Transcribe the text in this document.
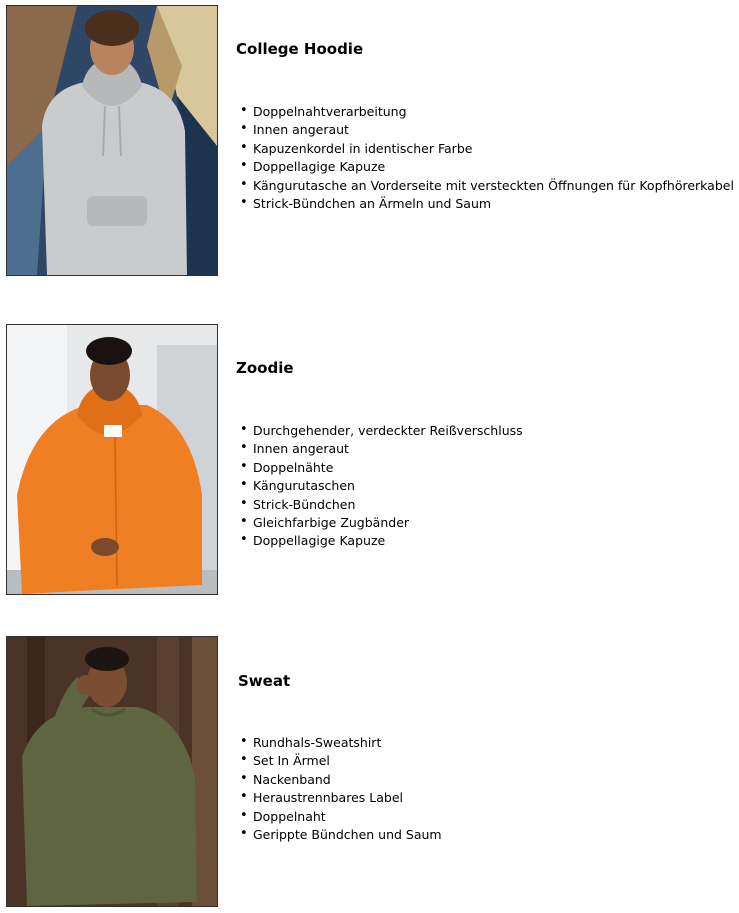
College Hoodie
• Doppelnahtverarbeitung
• Innen angeraut
• Kapuzenkordel in identischer Farbe
• Doppellagige Kapuze
• Kängurutasche an Vorderseite mit versteckten Öffnungen für Kopfhörerkabel
• Strick-Bündchen an Ärmeln und Saum
Zoodie
• Durchgehender, verdeckter Reißverschluss
• Innen angeraut
• Doppelnähte
• Kängurutaschen
• Strick-Bündchen
• Gleichfarbige Zugbänder
• Doppellagige Kapuze
Sweat
• Rundhals-Sweatshirt
• Set In Ärmel
• Nackenband
• Heraustrennbares Label
• Doppelnaht
• Gerippte Bündchen und Saum
